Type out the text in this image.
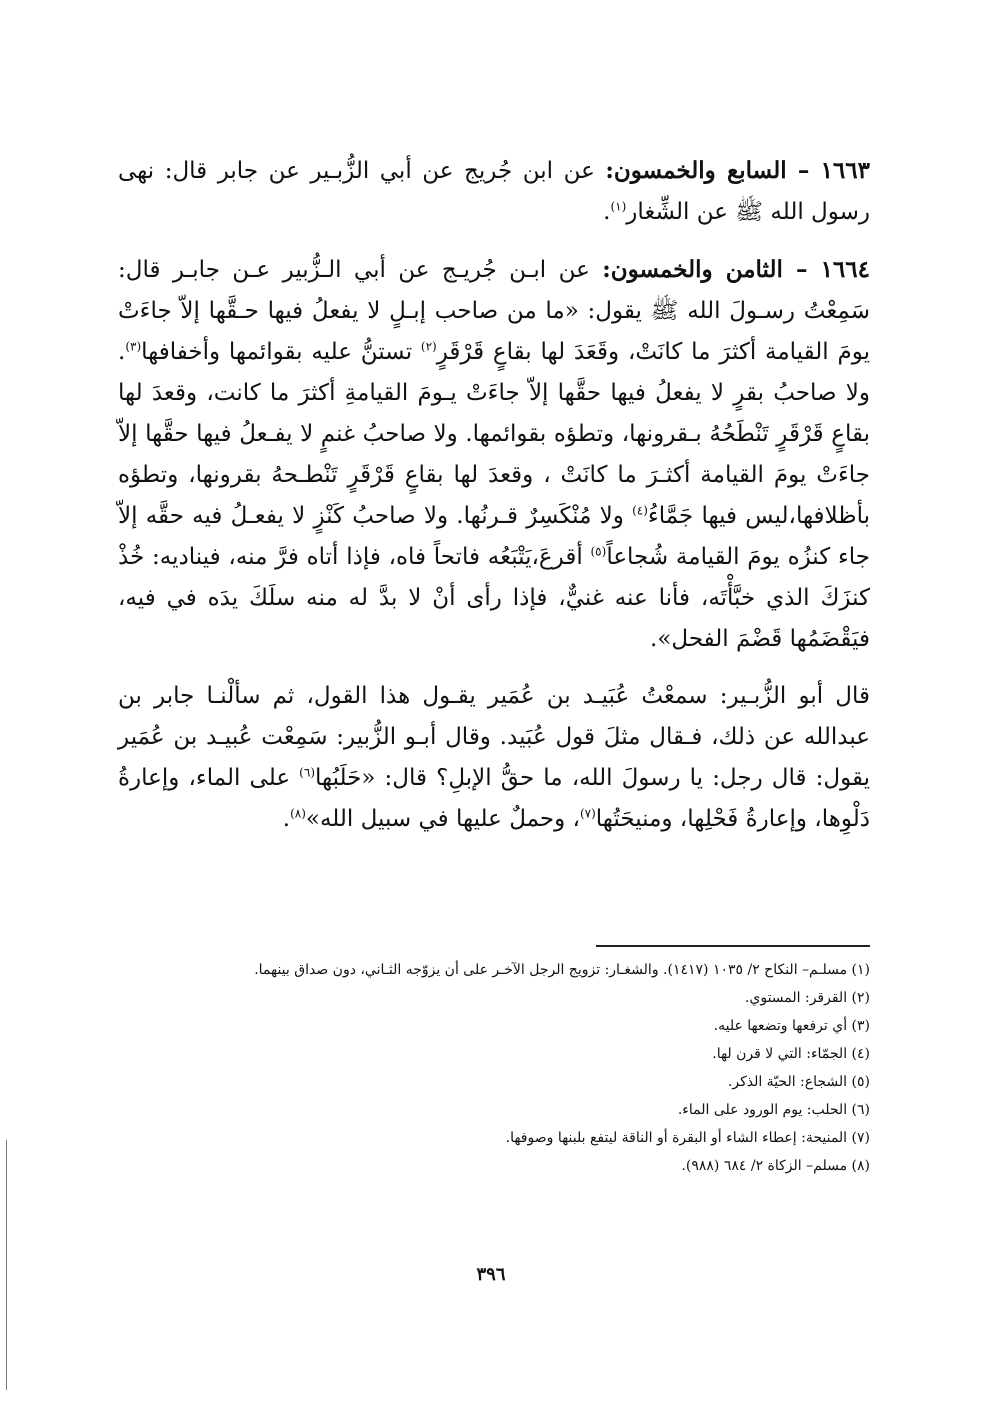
١٦٦٣ – السابع والخمسون: عن ابن جُريج عن أبي الزُّبـير عن جابر قال: نهى رسول الله ﷺ عن الشِّغار$^{(١)}$.

١٦٦٤ – الثامن والخمسون: عن ابـن جُريـج عن أبي الـزُّبير عـن جابـر قال: سَمِعْتُ رسـولَ الله ﷺ يقول: «ما من صاحب إبـلٍ لا يفعلُ فيها حـقَّها إلاّ جاءَتْ يومَ القيامة أكثرَ ما كانَتْ، وقَعَدَ لها بقاعٍ قَرْقَرٍ$^{(٢)}$ تستنُّ عليه بقوائمها وأخفافها$^{(٣)}$. ولا صاحبُ بقرٍ لا يفعلُ فيها حقَّها إلاّ جاءَتْ يـومَ القيامةِ أكثرَ ما كانت، وقعدَ لها بقاعٍ قَرْقَرٍ تَنْطَحُهُ بـقرونها، وتطؤه بقوائمها. ولا صاحبُ غنمٍ لا يفـعلُ فيها حقَّها إلاّ جاءَتْ يومَ القيامة أكثـرَ ما كانَتْ ، وقعدَ لها بقاعٍ قَرْقَرٍ تَنْطـحهُ بقرونها، وتطؤه بأظلافها،ليس فيها جَمَّاءُ$^{(٤)}$ ولا مُنْكَسِرٌ قـرنُها. ولا صاحبُ كَنْزٍ لا يفعـلُ فيه حقَّه إلاّ جاء كنزُه يومَ القيامة شُجاعاً$^{(٥)}$ أقرعَ،يَتْبَعُه فاتحاً فاه، فإذا أتاه فرَّ منه، فيناديه: خُذْ كنزَكَ الذي خبَّأْتَه، فأنا عنه غنيٌّ، فإذا رأى أنْ لا بدَّ له منه سلَكَ يدَه في فيه، فيَقْضَمُها قَضْمَ الفحل».

قال أبو الزُّبـير: سمعْتُ عُبَيـد بن عُمَير يقـول هذا القول، ثم سألْنـا جابر بن عبدالله عن ذلك، فـقال مثلَ قول عُبَيد. وقال أبـو الزُّبير: سَمِعْت عُبيـد بن عُمَير يقول: قال رجل: يا رسولَ الله، ما حقُّ الإبلِ؟ قال: «حَلَبُها$^{(٦)}$ على الماء، وإعارةُ دَلْوِها، وإعارةُ فَحْلِها، ومنيحَتُها$^{(٧)}$، وحملٌ عليها في سبيل الله»$^{(٨)}$.

(١) مسلـم– النكاح ٢/ ١٠٣٥ (١٤١٧). والشغـار: تزويج الرجل الآخـر على أن يزوّجه الثـاني، دون صداق بينهما.

(٢) القرقر: المستوي.

(٣) أي ترفعها وتضعها عليه.

(٤) الجمّاء: التي لا قرن لها.

(٥) الشجاع: الحيّة الذكر.

(٦) الحلب: يوم الورود على الماء.

(٧) المنيحة: إعطاء الشاء أو البقرة أو الناقة ليتفع بلبنها وصوفها.

(٨) مسلم– الزكاة ٢/ ٦٨٤ (٩٨٨).

٣٩٦
